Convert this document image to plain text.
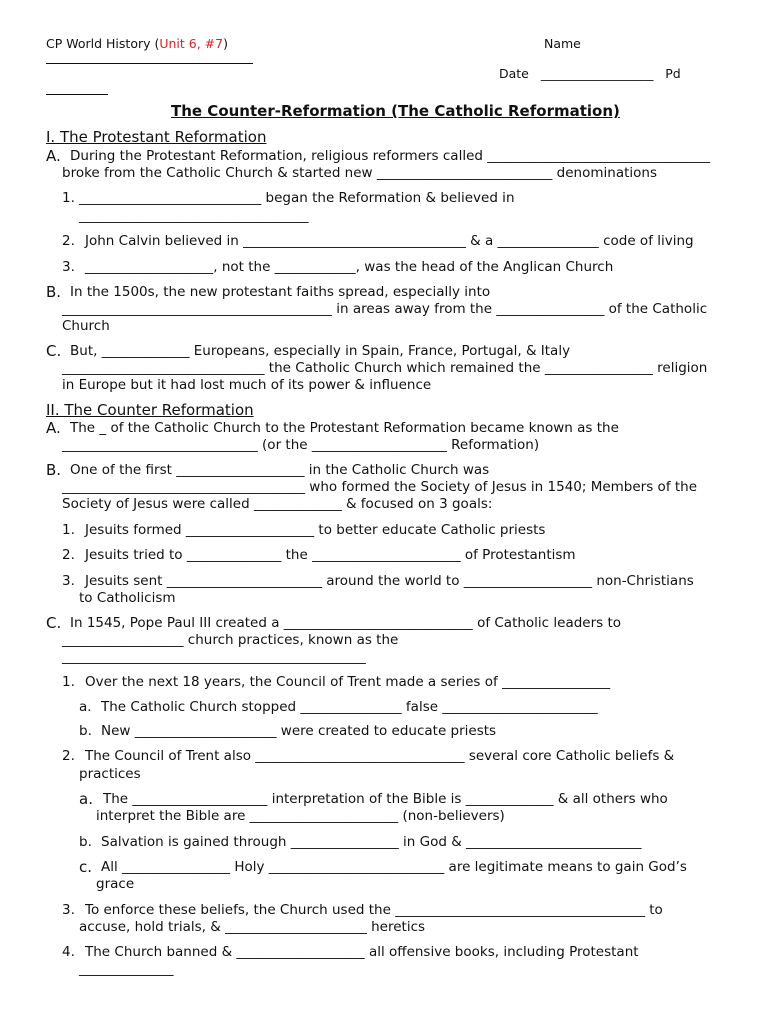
CP World History (Unit 6, #7)	Name
Date __________________ Pd
The Counter-Reformation (The Catholic Reformation)
I. The Protestant Reformation
A. During the Protestant Reformation, religious reformers called _________________________________
broke from the Catholic Church & started new __________________________ denominations
1. ___________________________ began the Reformation & believed in
__________________________________
2. John Calvin believed in _________________________________ & a _______________ code of living
3. ___________________, not the ____________, was the head of the Anglican Church
B. In the 1500s, the new protestant faiths spread, especially into
________________________________________ in areas away from the ________________ of the Catholic
Church
C. But, _____________ Europeans, especially in Spain, France, Portugal, & Italy
______________________________ the Catholic Church which remained the ________________ religion
in Europe but it had lost much of its power & influence
II. The Counter Reformation
A. The _ of the Catholic Church to the Protestant Reformation became known as the
_____________________________ (or the ____________________ Reformation)
B. One of the first ___________________ in the Catholic Church was
____________________________________ who formed the Society of Jesus in 1540; Members of the
Society of Jesus were called _____________ & focused on 3 goals:
1. Jesuits formed ___________________ to better educate Catholic priests
2. Jesuits tried to ______________ the ______________________ of Protestantism
3. Jesuits sent _______________________ around the world to ___________________ non-Christians
to Catholicism
C. In 1545, Pope Paul III created a ____________________________ of Catholic leaders to
__________________ church practices, known as the
_____________________________________________
1. Over the next 18 years, the Council of Trent made a series of ________________
a. The Catholic Church stopped _______________ false _______________________
b. New _____________________ were created to educate priests
2. The Council of Trent also _______________________________ several core Catholic beliefs &
practices
a. The ____________________ interpretation of the Bible is _____________ & all others who
interpret the Bible are ______________________ (non-believers)
b. Salvation is gained through ________________ in God & __________________________
c. All ________________ Holy __________________________ are legitimate means to gain God’s
grace
3. To enforce these beliefs, the Church used the _____________________________________ to
accuse, hold trials, & _____________________ heretics
4. The Church banned & ___________________ all offensive books, including Protestant
______________
